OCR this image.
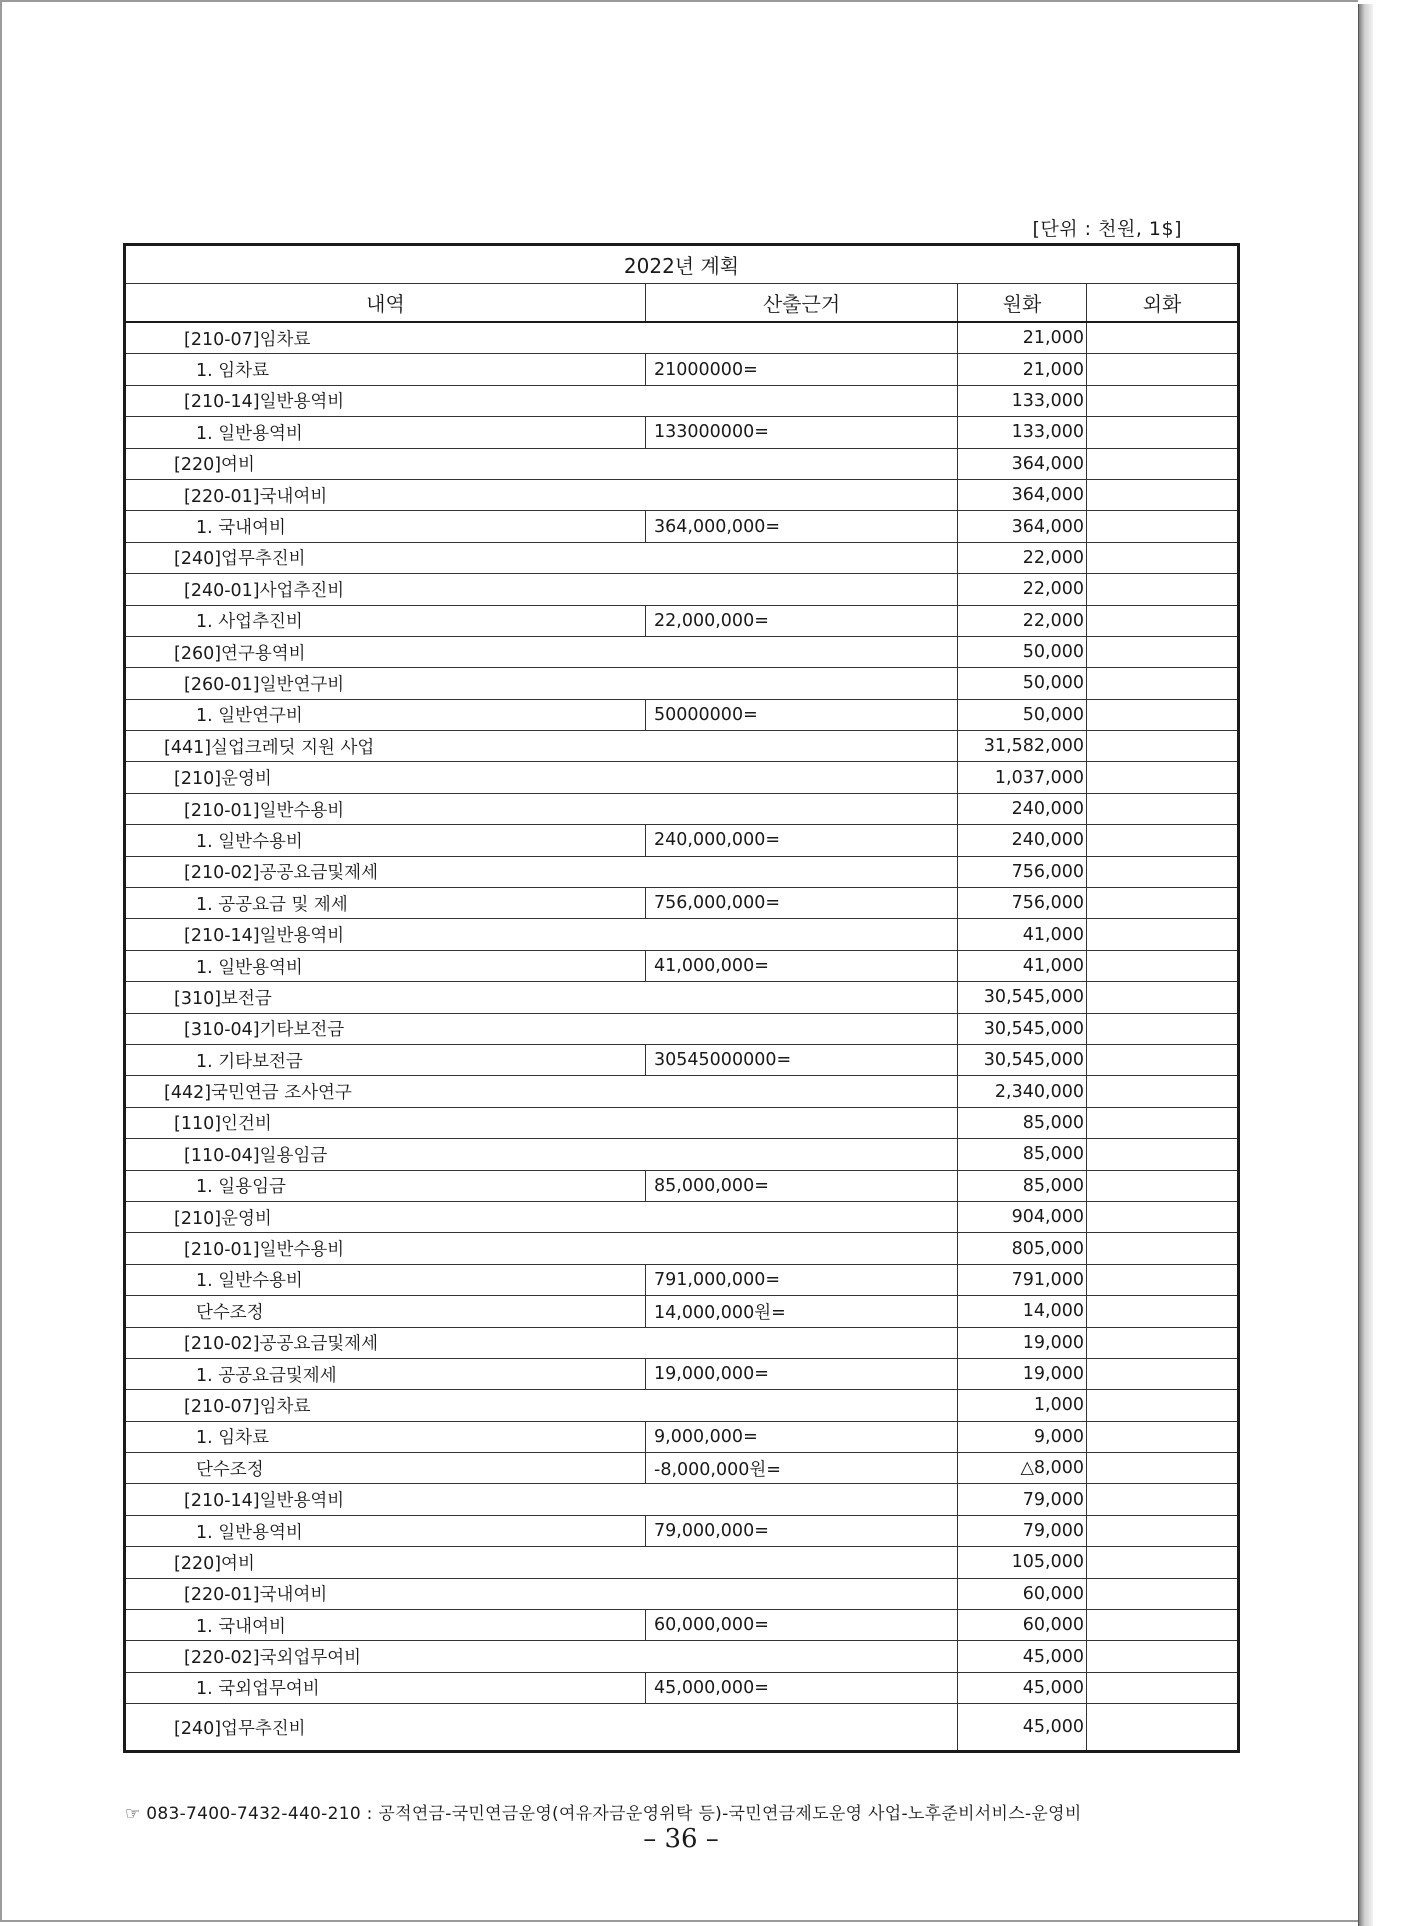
[단위 : 천원, 1$]
2022년 계획			
내역	산출근거	원화	외화
[210-07]임차료		21,000	
1. 임차료	21000000=	21,000	
[210-14]일반용역비		133,000	
1. 일반용역비	133000000=	133,000	
[220]여비		364,000	
[220-01]국내여비		364,000	
1. 국내여비	364,000,000=	364,000	
[240]업무추진비		22,000	
[240-01]사업추진비		22,000	
1. 사업추진비	22,000,000=	22,000	
[260]연구용역비		50,000	
[260-01]일반연구비		50,000	
1. 일반연구비	50000000=	50,000	
[441]실업크레딧 지원 사업		31,582,000	
[210]운영비		1,037,000	
[210-01]일반수용비		240,000	
1. 일반수용비	240,000,000=	240,000	
[210-02]공공요금및제세		756,000	
1. 공공요금 및 제세	756,000,000=	756,000	
[210-14]일반용역비		41,000	
1. 일반용역비	41,000,000=	41,000	
[310]보전금		30,545,000	
[310-04]기타보전금		30,545,000	
1. 기타보전금	30545000000=	30,545,000	
[442]국민연금 조사연구		2,340,000	
[110]인건비		85,000	
[110-04]일용임금		85,000	
1. 일용임금	85,000,000=	85,000	
[210]운영비		904,000	
[210-01]일반수용비		805,000	
1. 일반수용비	791,000,000=	791,000	
단수조정	14,000,000원=	14,000	
[210-02]공공요금및제세		19,000	
1. 공공요금및제세	19,000,000=	19,000	
[210-07]임차료		1,000	
1. 임차료	9,000,000=	9,000	
단수조정	-8,000,000원=	△8,000	
[210-14]일반용역비		79,000	
1. 일반용역비	79,000,000=	79,000	
[220]여비		105,000	
[220-01]국내여비		60,000	
1. 국내여비	60,000,000=	60,000	
[220-02]국외업무여비		45,000	
1. 국외업무여비	45,000,000=	45,000	
[240]업무추진비		45,000	
☞ 083-7400-7432-440-210 : 공적연금-국민연금운영(여유자금운영위탁 등)-국민연금제도운영 사업-노후준비서비스-운영비
– 36 –
